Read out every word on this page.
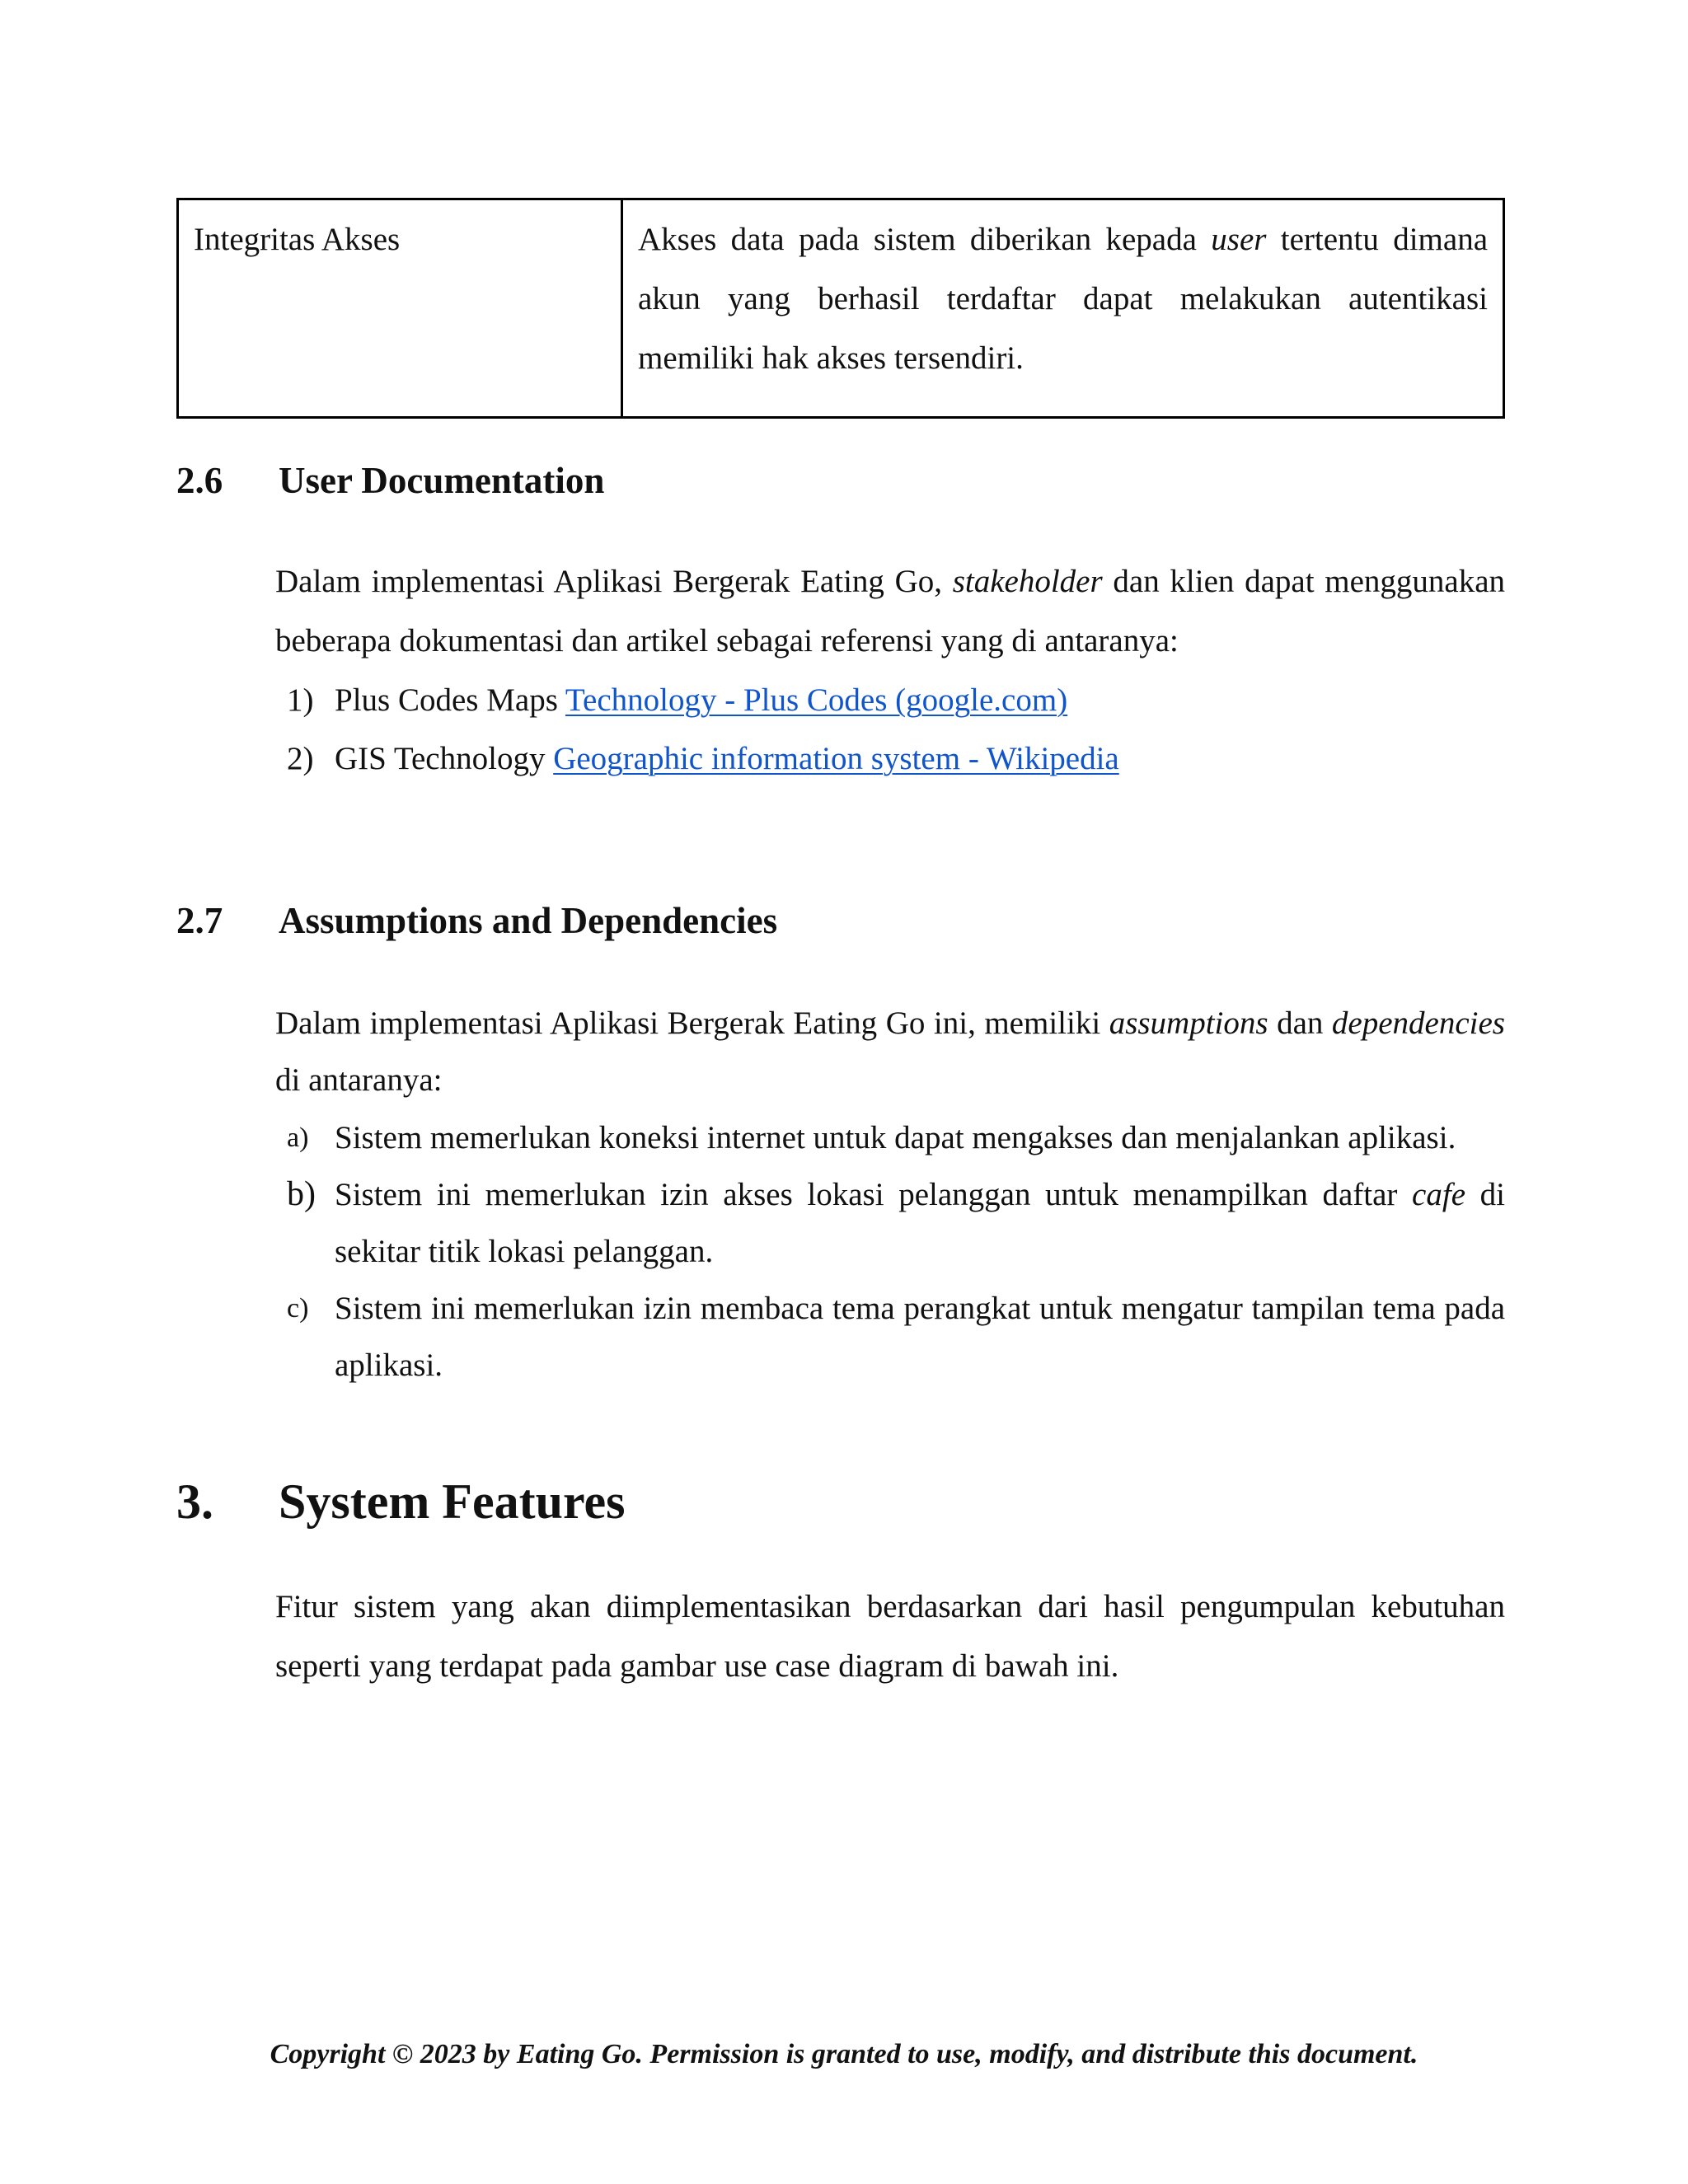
Integritas Akses	Akses data pada sistem diberikan kepada user tertentu dimana akun yang berhasil terdaftar dapat melakukan autentikasi memiliki hak akses tersendiri.
2.6 User Documentation
Dalam implementasi Aplikasi Bergerak Eating Go, stakeholder dan klien dapat menggunakan beberapa dokumentasi dan artikel sebagai referensi yang di antaranya:
1) Plus Codes Maps Technology - Plus Codes (google.com)
2) GIS Technology Geographic information system - Wikipedia
2.7 Assumptions and Dependencies
Dalam implementasi Aplikasi Bergerak Eating Go ini, memiliki assumptions dan dependencies di antaranya:
a) Sistem memerlukan koneksi internet untuk dapat mengakses dan menjalankan aplikasi.
b) Sistem ini memerlukan izin akses lokasi pelanggan untuk menampilkan daftar cafe di sekitar titik lokasi pelanggan.
c) Sistem ini memerlukan izin membaca tema perangkat untuk mengatur tampilan tema pada aplikasi.
3. System Features
Fitur sistem yang akan diimplementasikan berdasarkan dari hasil pengumpulan kebutuhan seperti yang terdapat pada gambar use case diagram di bawah ini.
Copyright © 2023 by Eating Go. Permission is granted to use, modify, and distribute this document.
